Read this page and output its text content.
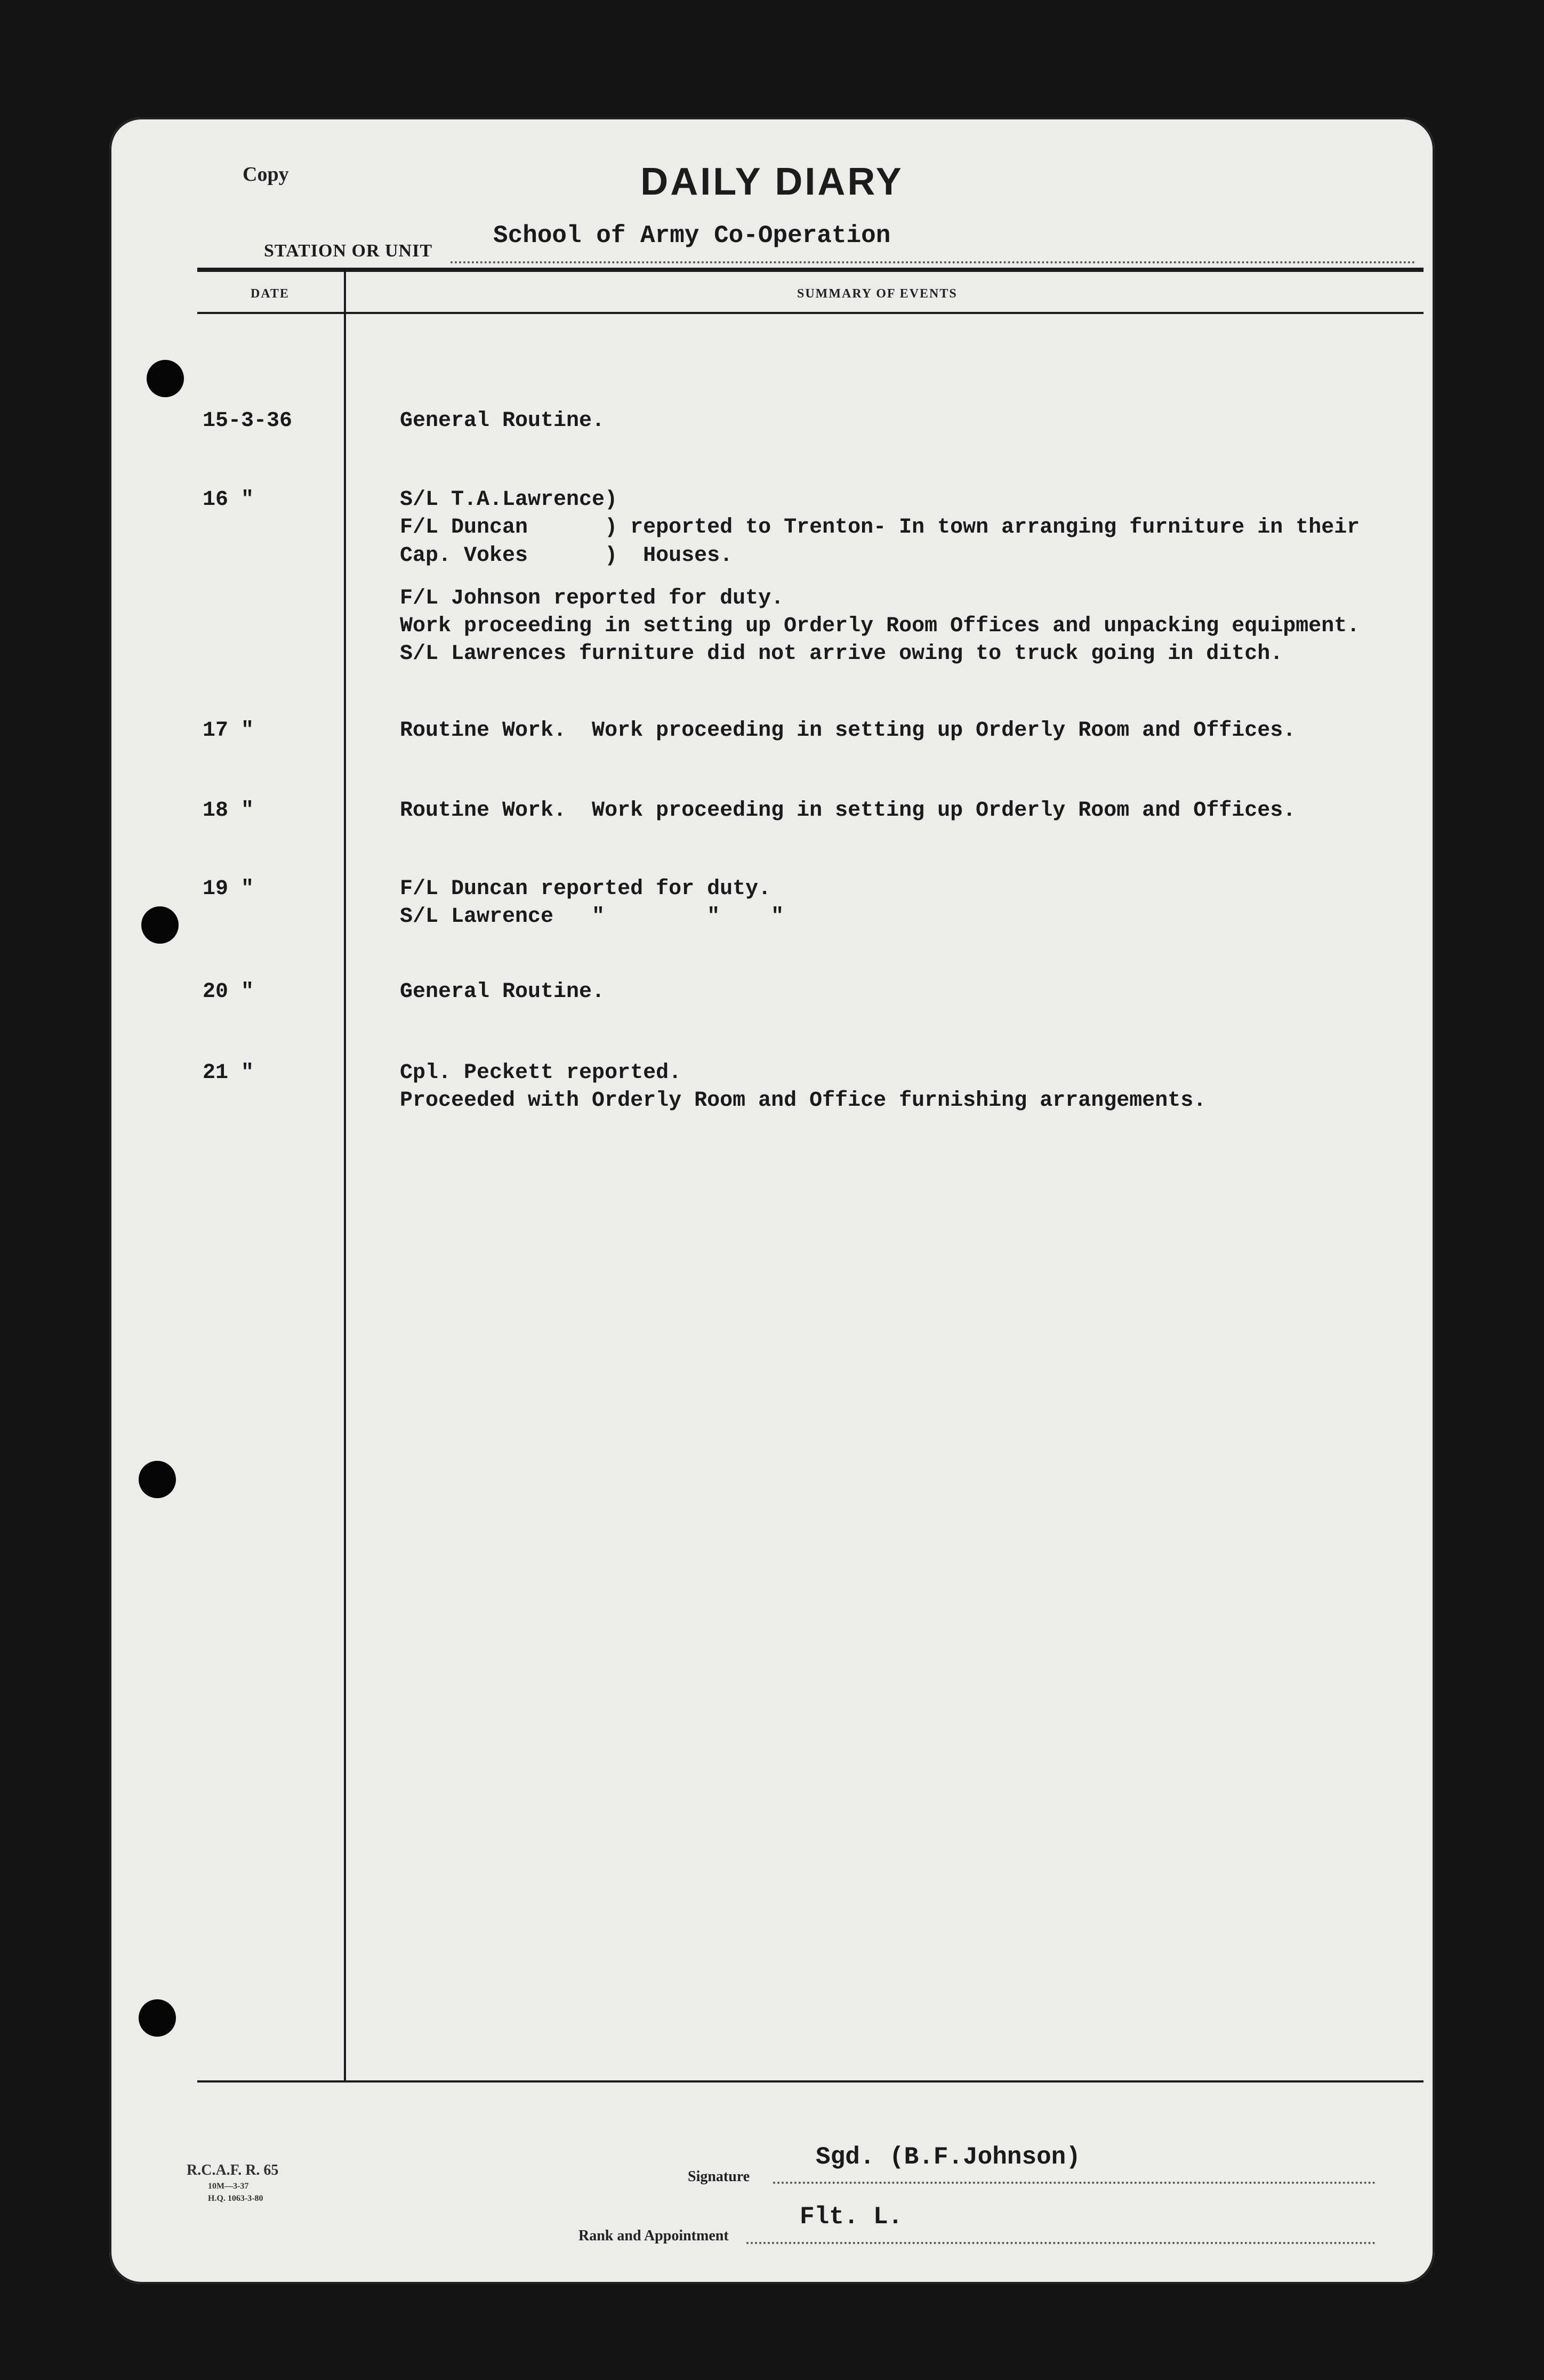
Copy	DAILY DIARY
STATION OR UNIT
School of Army Co-Operation
DATE	SUMMARY OF EVENTS
15-3-36	General Routine.
16 "	S/L T.A.Lawrence)
F/L Duncan      ) reported to Trenton- In town arranging furniture in their
Cap. Vokes      )  Houses.
F/L Johnson reported for duty.
Work proceeding in setting up Orderly Room Offices and unpacking equipment.
S/L Lawrences furniture did not arrive owing to truck going in ditch.
17 "	Routine Work.  Work proceeding in setting up Orderly Room and Offices.
18 "	Routine Work.  Work proceeding in setting up Orderly Room and Offices.
19 "	F/L Duncan reported for duty.
S/L Lawrence   "        "    "
20 "	General Routine.
21 "	Cpl. Peckett reported.
Proceeded with Orderly Room and Office furnishing arrangements.
R.C.A.F. R. 65
10M—3-37
H.Q. 1063-3-80
Signature
Sgd. (B.F.Johnson)
Rank and Appointment
Flt. L.
